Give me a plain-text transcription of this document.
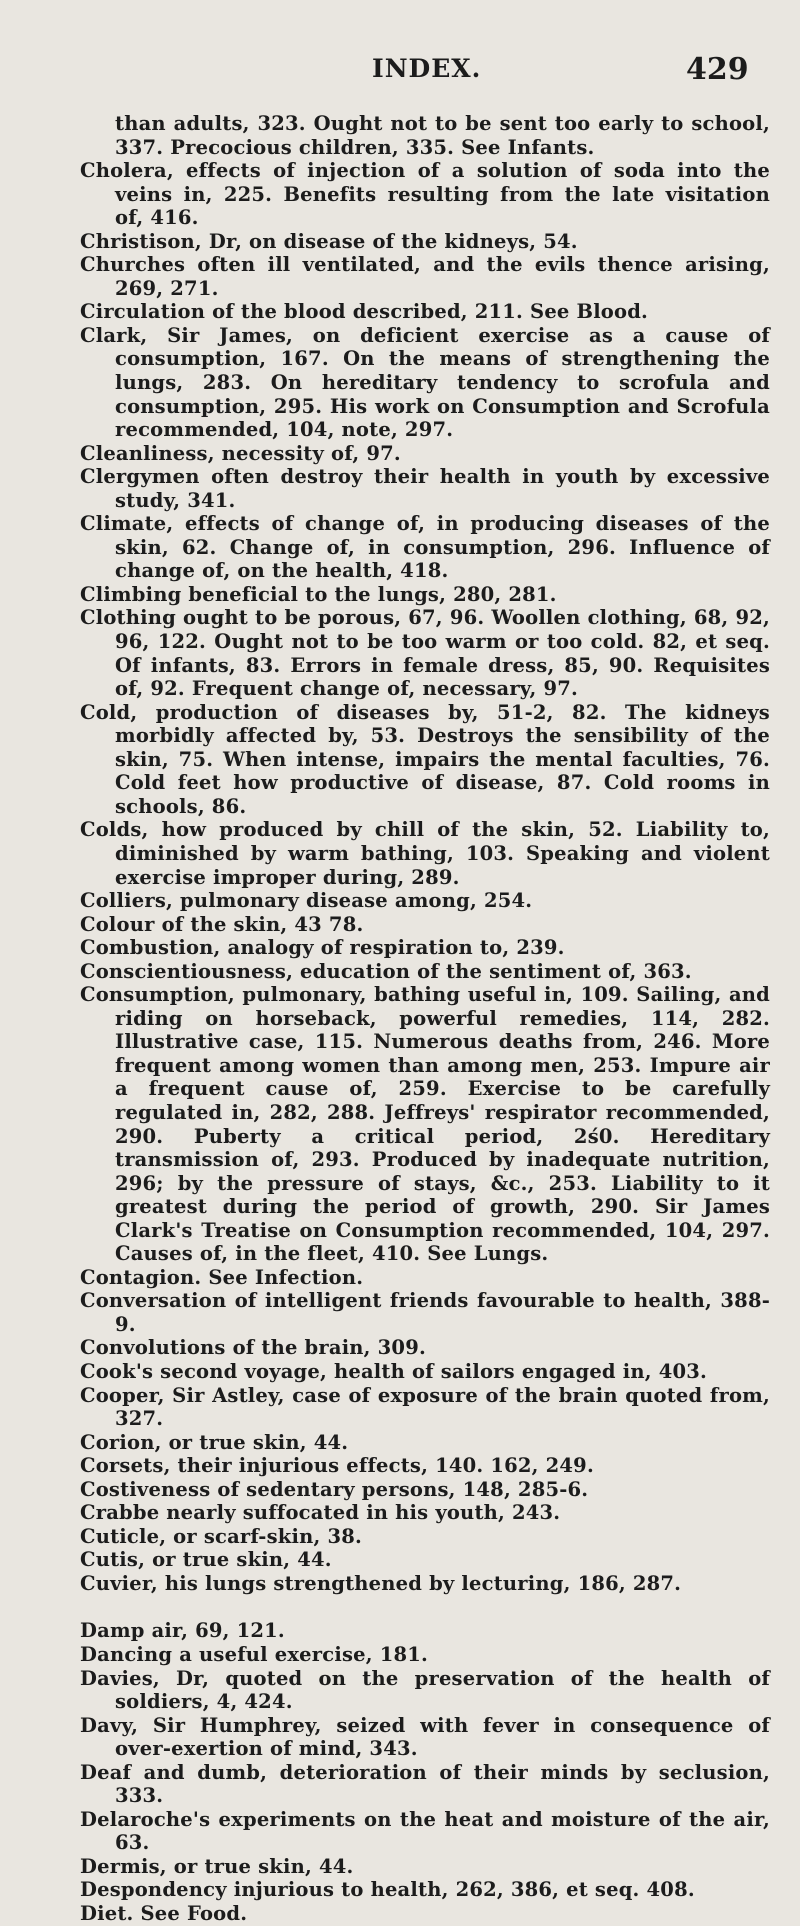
INDEX.	429

than adults, 323. Ought not to be sent too early to school, 337. Precocious children, 335. See Infants.

Cholera, effects of injection of a solution of soda into the veins in, 225. Benefits resulting from the late visitation of, 416.

Christison, Dr, on disease of the kidneys, 54.

Churches often ill ventilated, and the evils thence arising, 269, 271.

Circulation of the blood described, 211. See Blood.

Clark, Sir James, on deficient exercise as a cause of consumption, 167. On the means of strengthening the lungs, 283. On hereditary tendency to scrofula and consumption, 295. His work on Consumption and Scrofula recommended, 104, note, 297.

Cleanliness, necessity of, 97.

Clergymen often destroy their health in youth by excessive study, 341.

Climate, effects of change of, in producing diseases of the skin, 62. Change of, in consumption, 296. Influence of change of, on the health, 418.

Climbing beneficial to the lungs, 280, 281.

Clothing ought to be porous, 67, 96. Woollen clothing, 68, 92, 96, 122. Ought not to be too warm or too cold. 82, et seq. Of infants, 83. Errors in female dress, 85, 90. Requisites of, 92. Frequent change of, necessary, 97.

Cold, production of diseases by, 51-2, 82. The kidneys morbidly affected by, 53. Destroys the sensibility of the skin, 75. When intense, impairs the mental faculties, 76. Cold feet how productive of disease, 87. Cold rooms in schools, 86.

Colds, how produced by chill of the skin, 52. Liability to, diminished by warm bathing, 103. Speaking and violent exercise improper during, 289.

Colliers, pulmonary disease among, 254.

Colour of the skin, 43 78.

Combustion, analogy of respiration to, 239.

Conscientiousness, education of the sentiment of, 363.

Consumption, pulmonary, bathing useful in, 109. Sailing, and riding on horseback, powerful remedies, 114, 282. Illustrative case, 115. Numerous deaths from, 246. More frequent among women than among men, 253. Impure air a frequent cause of, 259. Exercise to be carefully regulated in, 282, 288. Jeffreys' respirator recommended, 290. Puberty a critical period, 2ś0. Hereditary transmission of, 293. Produced by inadequate nutrition, 296; by the pressure of stays, &c., 253. Liability to it greatest during the period of growth, 290. Sir James Clark's Treatise on Consumption recommended, 104, 297. Causes of, in the fleet, 410. See Lungs.

Contagion. See Infection.

Conversation of intelligent friends favourable to health, 388-9.

Convolutions of the brain, 309.

Cook's second voyage, health of sailors engaged in, 403.

Cooper, Sir Astley, case of exposure of the brain quoted from, 327.

Corion, or true skin, 44.

Corsets, their injurious effects, 140. 162, 249.

Costiveness of sedentary persons, 148, 285-6.

Crabbe nearly suffocated in his youth, 243.

Cuticle, or scarf-skin, 38.

Cutis, or true skin, 44.

Cuvier, his lungs strengthened by lecturing, 186, 287.

Damp air, 69, 121.

Dancing a useful exercise, 181.

Davies, Dr, quoted on the preservation of the health of soldiers, 4, 424.

Davy, Sir Humphrey, seized with fever in consequence of over-exertion of mind, 343.

Deaf and dumb, deterioration of their minds by seclusion, 333.

Delaroche's experiments on the heat and moisture of the air, 63.

Dermis, or true skin, 44.

Despondency injurious to health, 262, 386, et seq. 408.

Diet. See Food.
